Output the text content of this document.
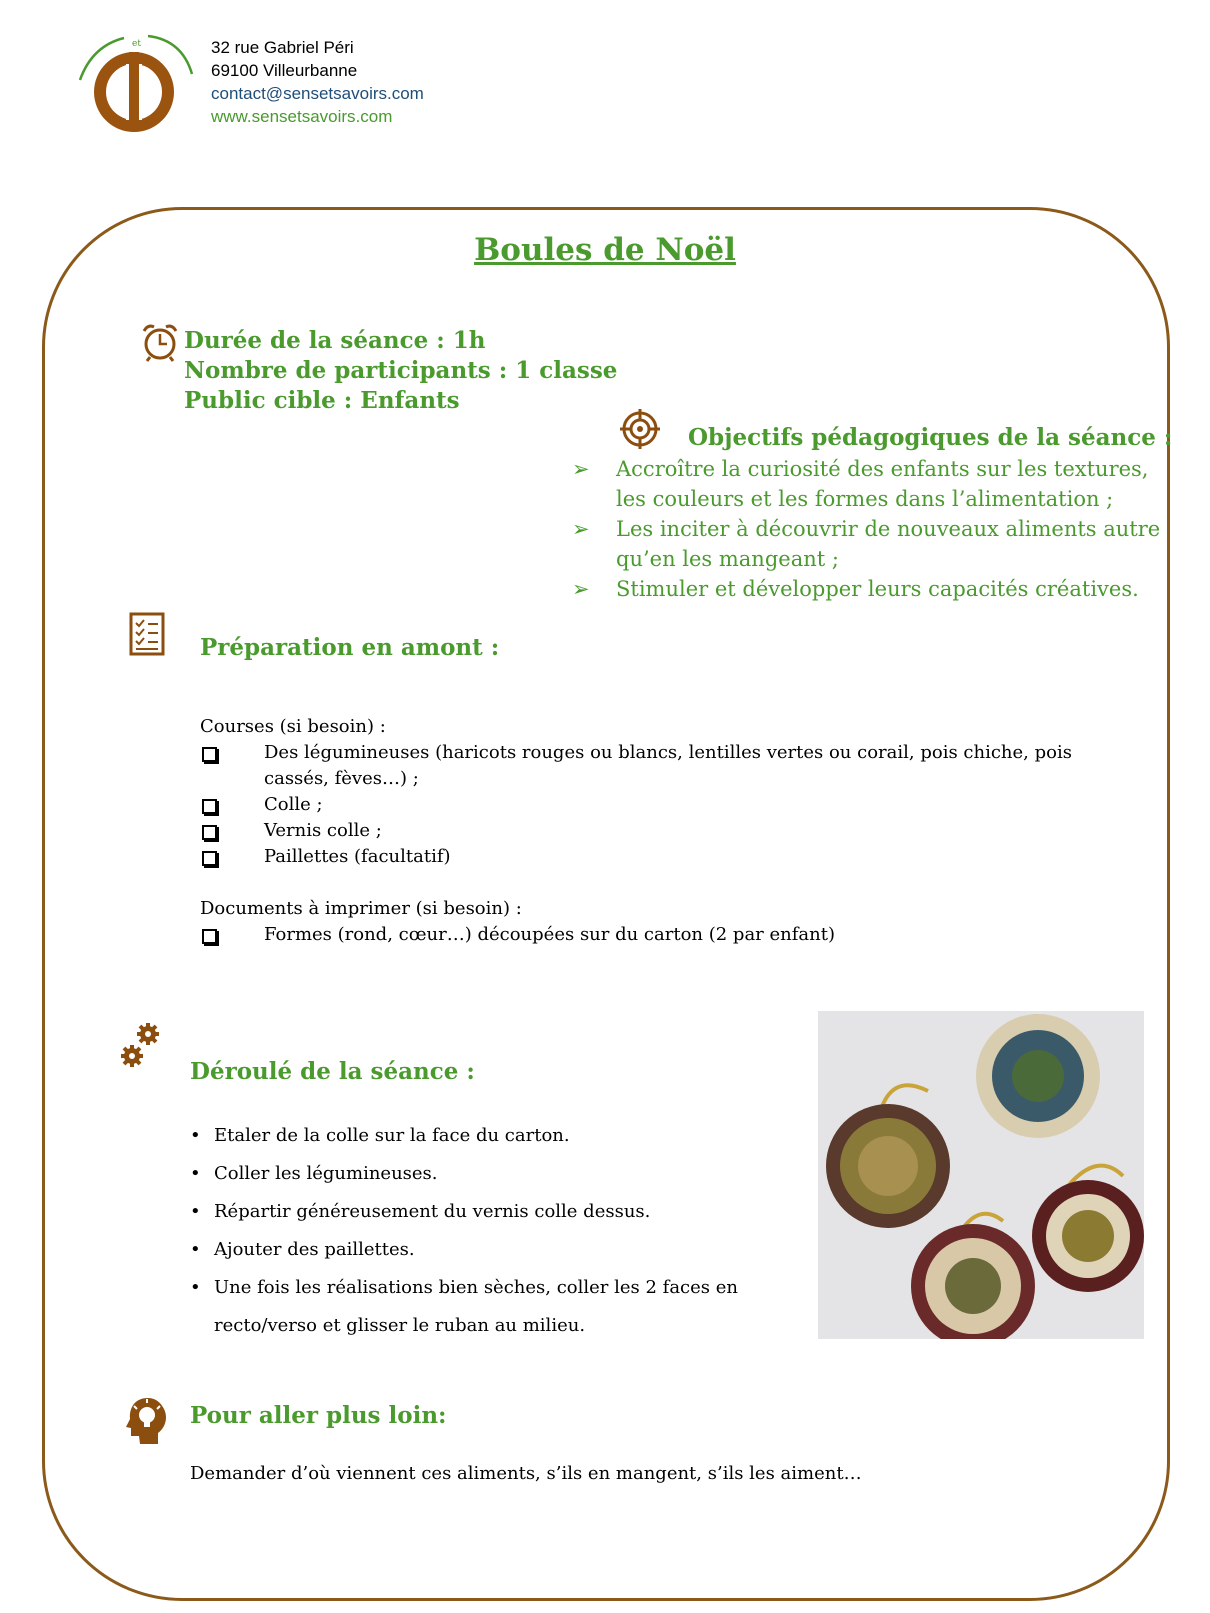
et	32 rue Gabriel Péri
69100 Villeurbanne
contact@sensetsavoirs.com
www.sensetsavoirs.com
Boules de Noël
Durée de la séance : 1h
Nombre de participants : 1 classe
Public cible : Enfants
Objectifs pédagogiques de la séance :
➢ Accroître la curiosité des enfants sur les textures, les couleurs et les formes dans l’alimentation ;
➢ Les inciter à découvrir de nouveaux aliments autre qu’en les mangeant ;
➢ Stimuler et développer leurs capacités créatives.
Préparation en amont :
Courses (si besoin) :
Des légumineuses (haricots rouges ou blancs, lentilles vertes ou corail, pois chiche, pois cassés, fèves…) ;
Colle ;
Vernis colle ;
Paillettes (facultatif)
Documents à imprimer (si besoin) :
Formes (rond, cœur…) découpées sur du carton (2 par enfant)
Déroulé de la séance :
• Etaler de la colle sur la face du carton.
• Coller les légumineuses.
• Répartir généreusement du vernis colle dessus.
• Ajouter des paillettes.
• Une fois les réalisations bien sèches, coller les 2 faces en recto/verso et glisser le ruban au milieu.
Pour aller plus loin:
Demander d’où viennent ces aliments, s’ils en mangent, s’ils les aiment…
